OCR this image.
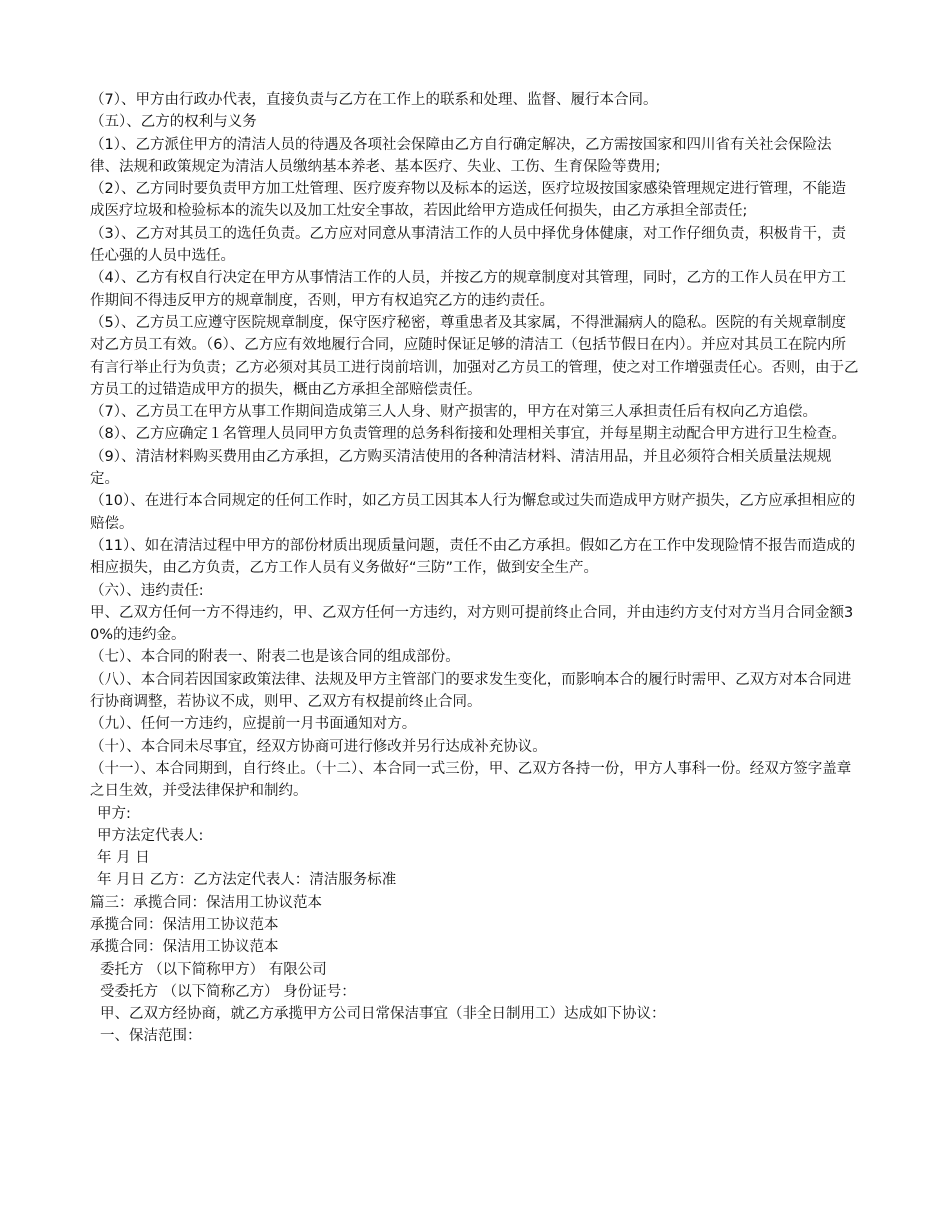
（7）、甲方由行政办代表，直接负责与乙方在工作上的联系和处理、监督、履行本合同。

（五）、乙方的权利与义务

（1）、乙方派住甲方的清洁人员的待遇及各项社会保障由乙方自行确定解决，乙方需按国家和四川省有关社会保险法律、法规和政策规定为清洁人员缴纳基本养老、基本医疗、失业、工伤、生育保险等费用;

（2）、乙方同时要负责甲方加工灶管理、医疗废弃物以及标本的运送，医疗垃圾按国家感染管理规定进行管理，不能造成医疗垃圾和检验标本的流失以及加工灶安全事故，若因此给甲方造成任何损失，由乙方承担全部责任;

（3）、乙方对其员工的选任负责。乙方应对同意从事清洁工作的人员中择优身体健康，对工作仔细负责，积极肯干，责任心强的人员中选任。

（4）、乙方有权自行决定在甲方从事情洁工作的人员，并按乙方的规章制度对其管理，同时，乙方的工作人员在甲方工作期间不得违反甲方的规章制度，否则，甲方有权追究乙方的违约责任。

（5）、乙方员工应遵守医院规章制度，保守医疗秘密，尊重患者及其家属，不得泄漏病人的隐私。医院的有关规章制度对乙方员工有效。（6）、乙方应有效地履行合同，应随时保证足够的清洁工（包括节假日在内）。并应对其员工在院内所有言行举止行为负责；乙方必须对其员工进行岗前培训，加强对乙方员工的管理，使之对工作增强责任心。否则，由于乙方员工的过错造成甲方的损失，概由乙方承担全部赔偿责任。

（7）、乙方员工在甲方从事工作期间造成第三人人身、财产损害的，甲方在对第三人承担责任后有权向乙方追偿。

（8）、乙方应确定１名管理人员同甲方负责管理的总务科衔接和处理相关事宜，并每星期主动配合甲方进行卫生检查。

（9）、清洁材料购买费用由乙方承担，乙方购买清洁使用的各种清洁材料、清洁用品，并且必须符合相关质量法规规定。

（10）、在进行本合同规定的任何工作时，如乙方员工因其本人行为懈怠或过失而造成甲方财产损失，乙方应承担相应的赔偿。

（11）、如在清洁过程中甲方的部份材质出现质量问题，责任不由乙方承担。假如乙方在工作中发现险情不报告而造成的相应损失，由乙方负责，乙方工作人员有义务做好“三防”工作，做到安全生产。

（六）、违约责任:

甲、乙双方任何一方不得违约，甲、乙双方任何一方违约，对方则可提前终止合同，并由违约方支付对方当月合同金额30%的违约金。

（七）、本合同的附表一、附表二也是该合同的组成部份。

（八）、本合同若因国家政策法律、法规及甲方主管部门的要求发生变化，而影响本合的履行时需甲、乙双方对本合同进行协商调整，若协议不成，则甲、乙双方有权提前终止合同。

（九）、任何一方违约，应提前一月书面通知对方。

（十）、本合同未尽事宜，经双方协商可进行修改并另行达成补充协议。

（十一）、本合同期到，自行终止。（十二）、本合同一式三份，甲、乙双方各持一份，甲方人事科一份。经双方签字盖章之日生效，并受法律保护和制约。

甲方:

甲方法定代表人:

年 月 日

年 月日 乙方：乙方法定代表人：清洁服务标准

篇三：承揽合同：保洁用工协议范本

承揽合同：保洁用工协议范本

承揽合同：保洁用工协议范本

委托方 （以下简称甲方） 有限公司

受委托方 （以下简称乙方） 身份证号：

甲、乙双方经协商，就乙方承揽甲方公司日常保洁事宜（非全日制用工）达成如下协议：

一、保洁范围：
